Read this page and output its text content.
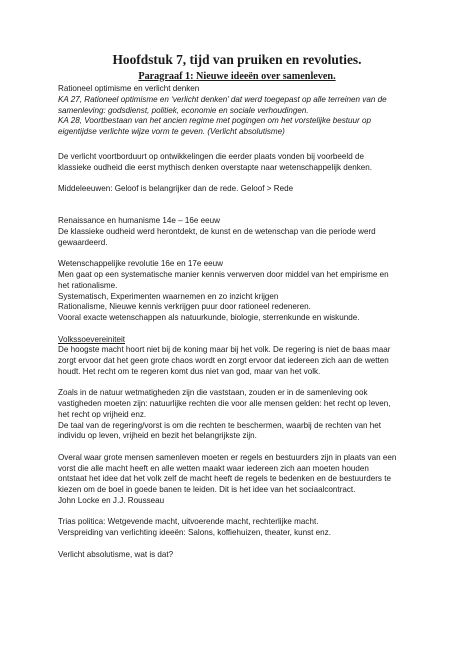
Hoofdstuk 7, tijd van pruiken en revoluties.
Paragraaf 1: Nieuwe ideeën over samenleven.
Rationeel optimisme en verlicht denken
KA 27, Rationeel optimisme en ‘verlicht denken’ dat werd toegepast op alle terreinen van de
samenleving: godsdienst, politiek, economie en sociale verhoudingen.
KA 28, Voortbestaan van het ancien regime met pogingen om het vorstelijke bestuur op
eigentijdse verlichte wijze vorm te geven. (Verlicht absolutisme)
De verlicht voortborduurt op ontwikkelingen die eerder plaats vonden bij voorbeeld de
klassieke oudheid die eerst mythisch denken overstapte naar wetenschappelijk denken.
Middeleeuwen: Geloof is belangrijker dan de rede. Geloof > Rede
Renaissance en humanisme 14e – 16e eeuw
De klassieke oudheid werd herontdekt, de kunst en de wetenschap van die periode werd
gewaardeerd.
Wetenschappelijke revolutie 16e en 17e eeuw
Men gaat op een systematische manier kennis verwerven door middel van het empirisme en
het rationalisme.
Systematisch, Experimenten waarnemen en zo inzicht krijgen
Rationalisme, Nieuwe kennis verkrijgen puur door rationeel redeneren.
Vooral exacte wetenschappen als natuurkunde, biologie, sterrenkunde en wiskunde.
Volkssoevereiniteit
De hoogste macht hoort niet bij de koning maar bij het volk. De regering is niet de baas maar
zorgt ervoor dat het geen grote chaos wordt en zorgt ervoor dat iedereen zich aan de wetten
houdt. Het recht om te regeren komt dus niet van god, maar van het volk.
Zoals in de natuur wetmatigheden zijn die vaststaan, zouden er in de samenleving ook
vastigheden moeten zijn: natuurlijke rechten die voor alle mensen gelden: het recht op leven,
het recht op vrijheid enz.
De taal van de regering/vorst is om die rechten te beschermen, waarbij de rechten van het
individu op leven, vrijheid en bezit het belangrijkste zijn.
Overal waar grote mensen samenleven moeten er regels en bestuurders zijn in plaats van een
vorst die alle macht heeft en alle wetten maakt waar iedereen zich aan moeten houden
ontstaat het idee dat het volk zelf de macht heeft de regels te bedenken en de bestuurders te
kiezen om de boel in goede banen te leiden. Dit is het idee van het sociaalcontract.
John Locke en J.J. Rousseau
Trias politica: Wetgevende macht, uitvoerende macht, rechterlijke macht.
Verspreiding van verlichting ideeën: Salons, koffiehuizen, theater, kunst enz.
Verlicht absolutisme, wat is dat?
